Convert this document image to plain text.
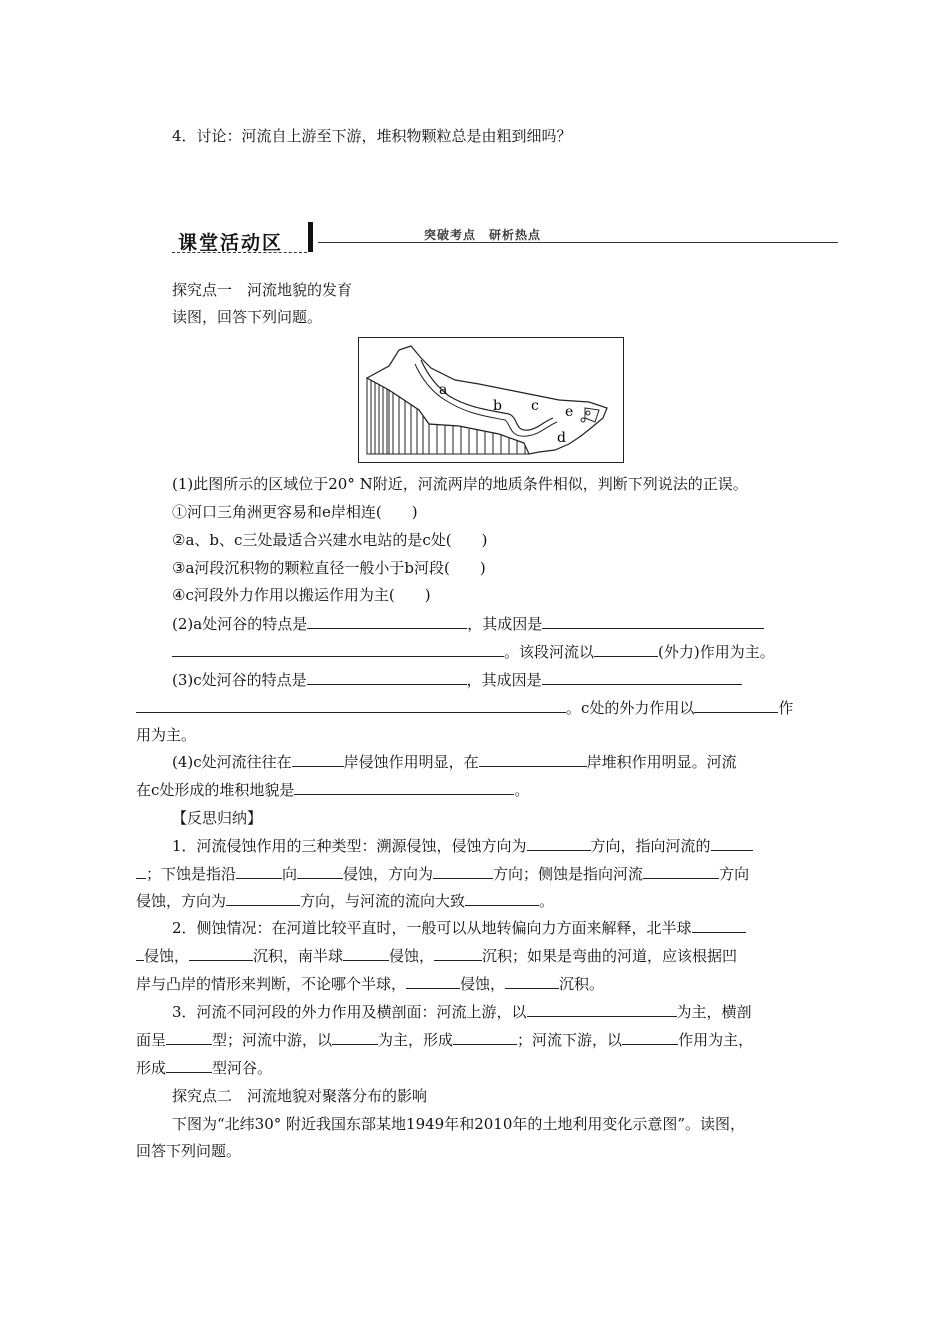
4．讨论：河流自上游至下游，堆积物颗粒总是由粗到细吗？
课堂活动区	突破考点　研析热点
探究点一　河流地貌的发育
读图，回答下列问题。
a
b c e
d
(1)此图所示的区域位于20° N附近，河流两岸的地质条件相似，判断下列说法的正误。
①河口三角洲更容易和e岸相连(　　)
②a、b、c三处最适合兴建水电站的是c处(　　)
③a河段沉积物的颗粒直径一般小于b河段(　　)
④c河段外力作用以搬运作用为主(　　)
(2)a处河谷的特点是	，其成因是
。该段河流以	(外力)作用为主。
(3)c处河谷的特点是	，其成因是
。c处的外力作用以	作
用为主。
(4)c处河流往往在	岸侵蚀作用明显，在	岸堆积作用明显。河流
在c处形成的堆积地貌是	。
【反思归纳】
1．河流侵蚀作用的三种类型：溯源侵蚀，侵蚀方向为	方向，指向河流的
；下蚀是指沿	向	侵蚀，方向为	方向；侧蚀是指向河流	方向
侵蚀，方向为	方向，与河流的流向大致	。
2．侧蚀情况：在河道比较平直时，一般可以从地转偏向力方面来解释，北半球
侵蚀，	沉积，南半球	侵蚀，	沉积；如果是弯曲的河道，应该根据凹
岸与凸岸的情形来判断，不论哪个半球，	侵蚀，	沉积。
3．河流不同河段的外力作用及横剖面：河流上游，以	为主，横剖
面呈	型；河流中游，以	为主，形成	；河流下游，以	作用为主，
形成	型河谷。
探究点二　河流地貌对聚落分布的影响
下图为“北纬30° 附近我国东部某地1949年和2010年的土地利用变化示意图”。读图，
回答下列问题。
